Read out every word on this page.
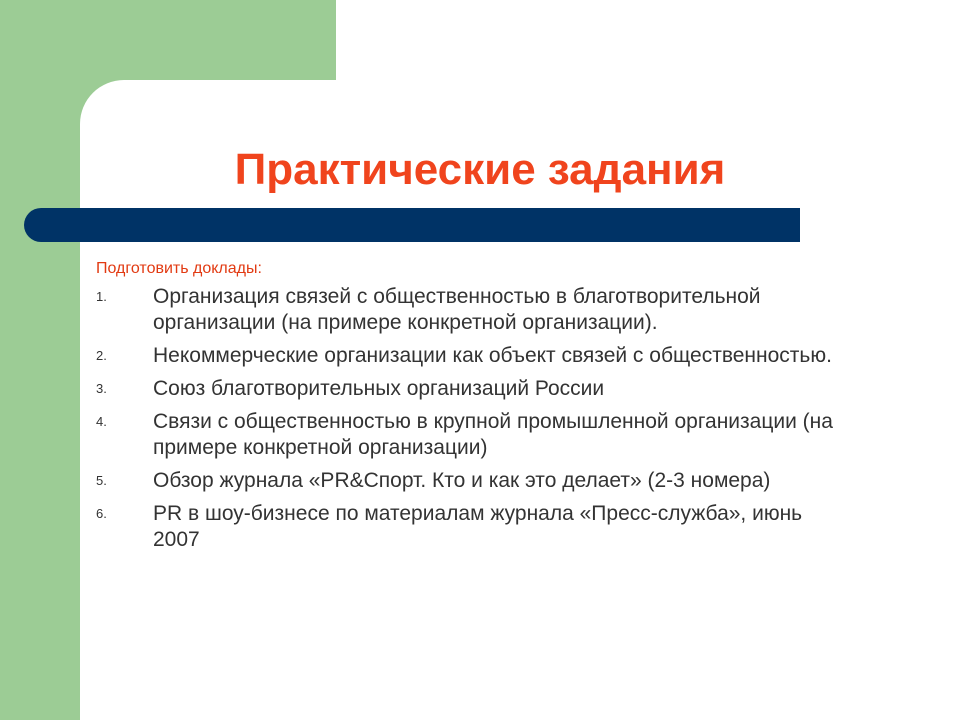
Практические задания
Подготовить доклады:
1.	Организация связей с общественностью в благотворительной организации (на примере конкретной организации).
2.	Некоммерческие организации как объект связей с общественностью.
3.	Союз благотворительных организаций России
4.	Связи с общественностью в крупной промышленной организации (на примере конкретной организации)
5.	Обзор журнала «PR&Спорт. Кто и как это делает» (2-3 номера)
6.	PR в шоу-бизнесе по материалам журнала «Пресс-служба», июнь 2007
